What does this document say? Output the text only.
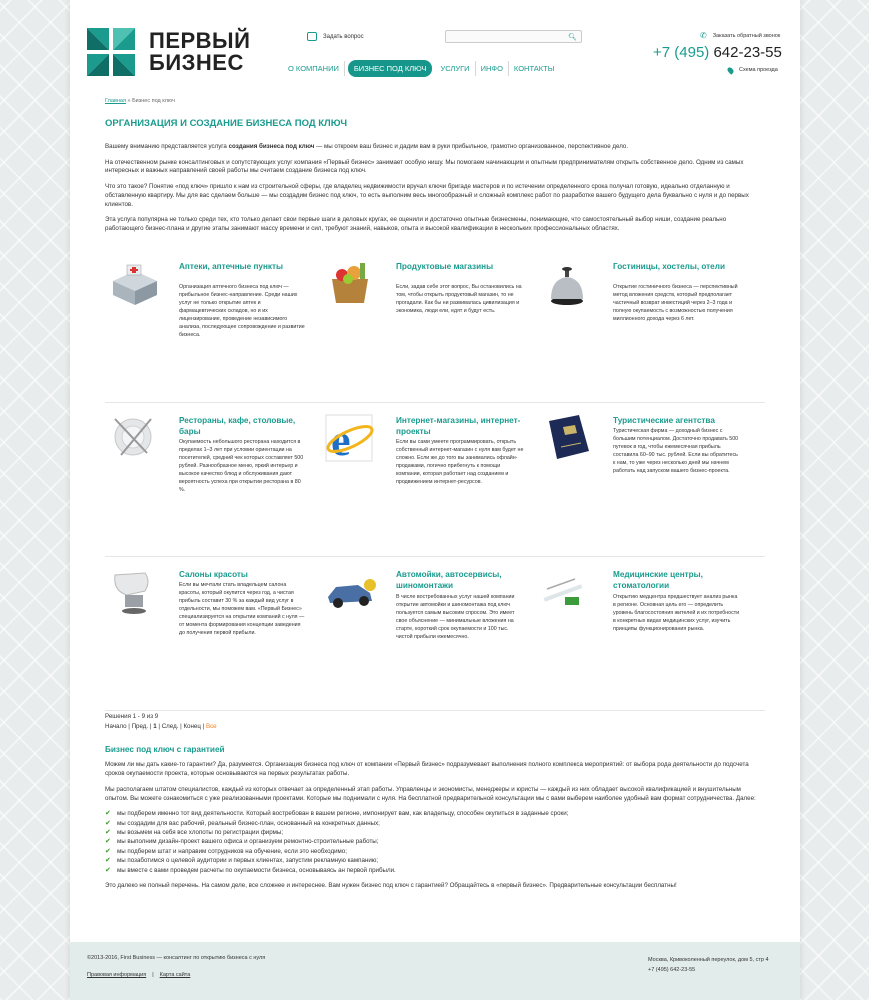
ПЕРВЫЙ
БИЗНЕС
Задать вопрос	🔍︎
О КОМПАНИИ	БИЗНЕС ПОД КЛЮЧ	УСЛУГИ	ИНФО	КОНТАКТЫ
✆ Заказать обратный звонок
+7 (495) 642-23-55
Схема проезда
Главная » Бизнес под ключ
ОРГАНИЗАЦИЯ И СОЗДАНИЕ БИЗНЕСА ПОД КЛЮЧ

Вашему вниманию представляется услуга создания бизнеса под ключ — мы откроем ваш бизнес и дадим вам в руки прибыльное, грамотно организованное, перспективное дело.

На отечественном рынке консалтинговых и сопутствующих услуг компания «Первый бизнес» занимает особую нишу. Мы помогаем начинающим и опытным предпринимателям открыть собственное дело. Одним из самых интересных и важных направлений своей работы мы считаем создание бизнеса под ключ.

Что это такое? Понятие «под ключ» пришло к нам из строительной сферы, где владелец недвижимости вручал ключи бригаде мастеров и по истечении определенного срока получал готовую, идеально отделанную и обставленную квартиру. Мы для вас сделаем больше — мы создадим бизнес под ключ, то есть выполним весь многообразный и сложный комплекс работ по разработке вашего будущего дела буквально с нуля и до первых клиентов.

Эта услуга популярна не только среди тех, кто только делает свои первые шаги в деловых кругах, ее оценили и достаточно опытные бизнесмены, понимающие, что самостоятельный выбор ниши, создание реально работающего бизнес-плана и другие этапы занимают массу времени и сил, требуют знаний, навыков, опыта и высокой квалификации в нескольких профессиональных областях.

Аптеки, аптечные пункты

Организация аптечного бизнеса под ключ — прибыльное бизнес-направление. Среди наших услуг не только открытие аптек и фармацевтических складов, но и их лицензирование, проведение независимого анализа, последующее сопровождение и развитие бизнеса.

Продуктовые магазины

Если, задав себе этот вопрос, Вы остановились на том, чтобы открыть продуктовый магазин, то не прогадали. Как бы ни развивалась цивилизация и экономика, люди ели, едят и будут есть.

Гостиницы, хостелы, отели

Открытие гостиничного бизнеса — перспективный метод вложения средств, который предполагает частичный возврат инвестиций через 2–3 года и полную окупаемость с возможностью получения миллионного дохода через 6 лет.

Рестораны, кафе, столовые, бары

Окупаемость небольшого ресторана находится в пределах 1–3 лет при условии ориентации на посетителей, средний чек которых составляет 500 рублей. Разнообразное меню, яркий интерьер и высокое качество блюд и обслуживания дают вероятность успеха при открытии ресторана в 80 %.

e	Интернет-магазины, интернет-проекты

Если вы сами умеете программировать, открыть собственный интернет-магазин с нуля вам будет не сложно. Если же до того вы занимались офлайн-продажами, логично прибегнуть к помощи компании, которая работает над созданием и продвижением интернет-ресурсов.

Туристические агентства

Туристическая фирма — доходный бизнес с большим потенциалом. Достаточно продавать 500 путевок в год, чтобы ежемесячная прибыль составила 60–90 тыс. рублей. Если вы обратитесь к нам, то уже через несколько дней мы начнем работать над запуском вашего бизнес-проекта.

Салоны красоты

Если вы мечтали стать владельцем салона красоты, который окупится через год, а чистая прибыль составит 30 % за каждый вид услуг в отдельности, мы поможем вам. «Первый Бизнес» специализируется на открытии компаний с нуля — от момента формирования концепции заведения до получения первой прибыли.

Автомойки, автосервисы, шиномонтажи

В числе востребованных услуг нашей компании открытие автомойки и шиномонтажа под ключ пользуется самым высоким спросом. Это имеет свое объяснение — минимальные вложения на старте, короткий срок окупаемости и 100 тыс. чистой прибыли ежемесячно.

Медицинские центры, стоматологии

Открытию медцентра предшествует анализ рынка в регионе. Основная цель его — определить уровень благосостояния жителей и их потребности в конкретных видах медицинских услуг, изучить принципы функционирования рынка.

Решения 1 - 9 из 9
Начало | Пред. | 1 | След. | Конец | Все
Бизнес под ключ с гарантией

Можем ли мы дать какие-то гарантии? Да, разумеется. Организация бизнеса под ключ от компании «Первый бизнес» подразумевает выполнения полного комплекса мероприятий: от выбора рода деятельности до подсчета сроков окупаемости проекта, которые основываются на первых результатах работы.

Мы располагаем штатом специалистов, каждый из которых отвечает за определенный этап работы. Управленцы и экономисты, менеджеры и юристы — каждый из них обладает высокой квалификацией и внушительным опытом. Вы можете ознакомиться с уже реализованными проектами. Которые мы поднимали с нуля. На бесплатной предварительной консультации мы с вами выберем наиболее удобный вам формат сотрудничества. Далее:

✔ мы подберем именно тот вид деятельности. Который востребован в вашем регионе, импонирует вам, как владельцу, способен окупиться в заданные сроки;
✔ мы создадим для вас рабочий, реальный бизнес-план, основанный на конкретных данных;
✔ мы возьмем на себя все хлопоты по регистрации фирмы;
✔ мы выполним дизайн-проект вашего офиса и организуем ремонтно-строительные работы;
✔ мы подберем штат и направим сотрудников на обучение, если это необходимо;
✔ мы позаботимся о целевой аудитории и первых клиентах, запустим рекламную кампанию;
✔ мы вместе с вами проведем расчеты по окупаемости бизнеса, основываясь ан первой прибыли.

Это далеко не полный перечень. На самом деле, все сложнее и интереснее. Вам нужен бизнес под ключ с гарантией? Обращайтесь в «первый бизнес». Предварительные консультации бесплатны!

©2013-2016, First Business — консалтинг по открытию бизнеса с нуля
Правовая информация | Карта сайта
Москва, Кривоколенный переулок, дом 5, стр 4
+7 (495) 642-23-55
